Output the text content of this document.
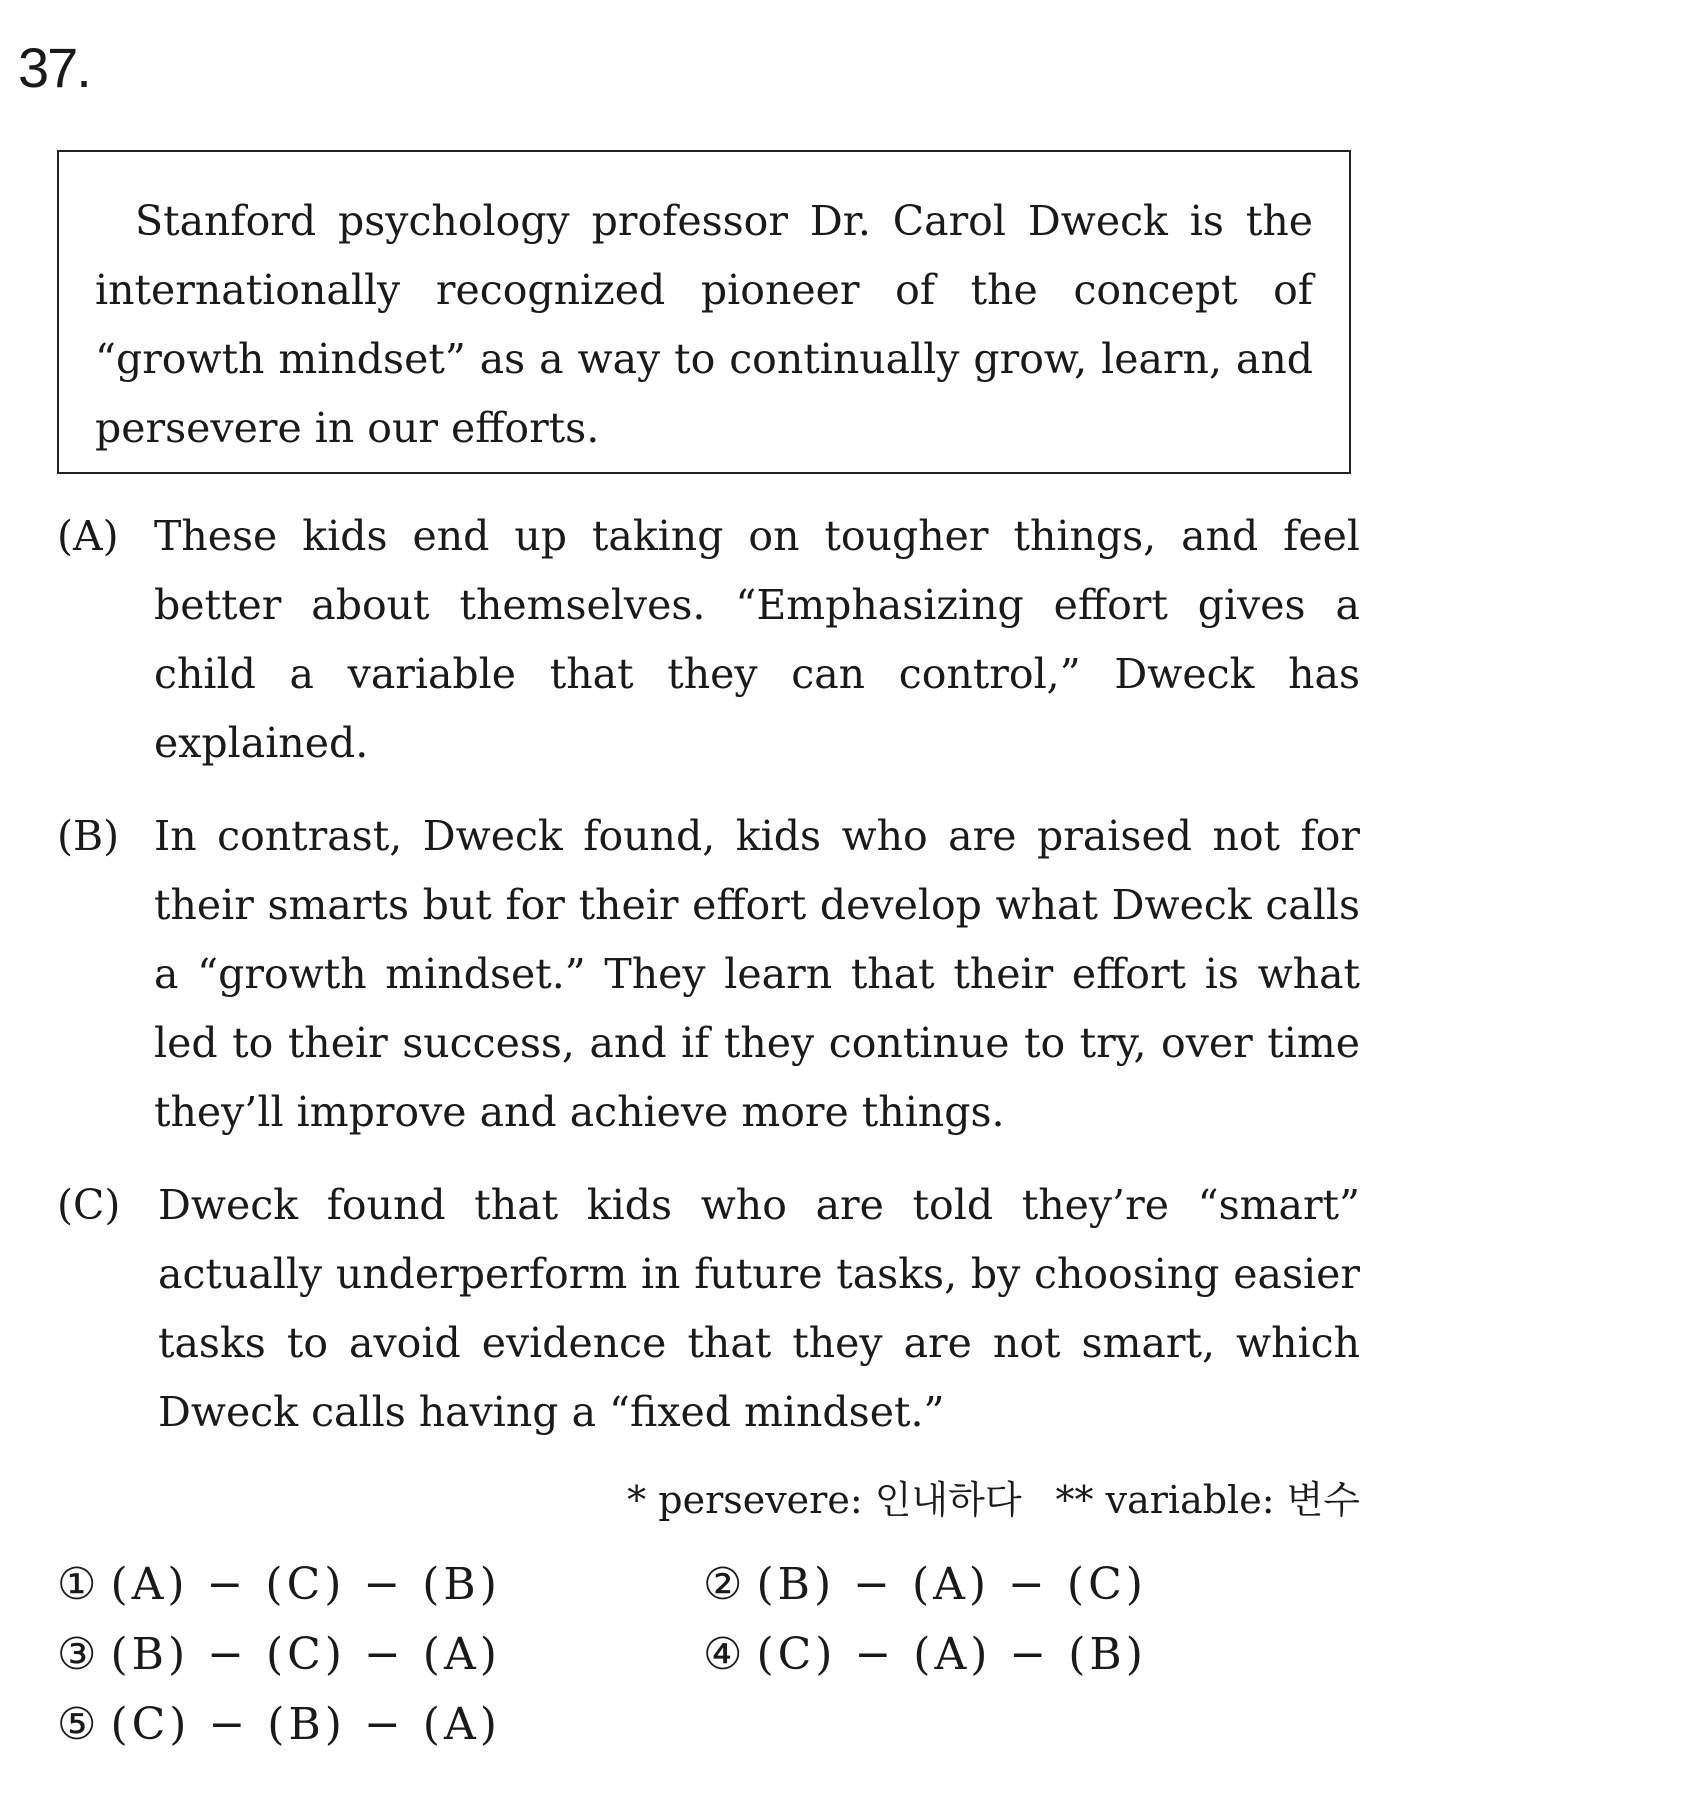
37.

Stanford psychology professor Dr. Carol Dweck is the internationally recognized pioneer of the concept of “growth mindset” as a way to continually grow, learn, and persevere in our efforts.

(A) These kids end up taking on tougher things, and feel better about themselves. “Emphasizing effort gives a child a variable that they can control,” Dweck has explained.

(B) In contrast, Dweck found, kids who are praised not for their smarts but for their effort develop what Dweck calls a “growth mindset.” They learn that their effort is what led to their success, and if they continue to try, over time they’ll improve and achieve more things.

(C) Dweck found that kids who are told they’re “smart” actually underperform in future tasks, by choosing easier tasks to avoid evidence that they are not smart, which Dweck calls having a “fixed mindset.”

* persevere: 인내하다 ** variable: 변수
① (A) − (C) − (B)	② (B) − (A) − (C)
③ (B) − (C) − (A)	④ (C) − (A) − (B)
⑤ (C) − (B) − (A)
